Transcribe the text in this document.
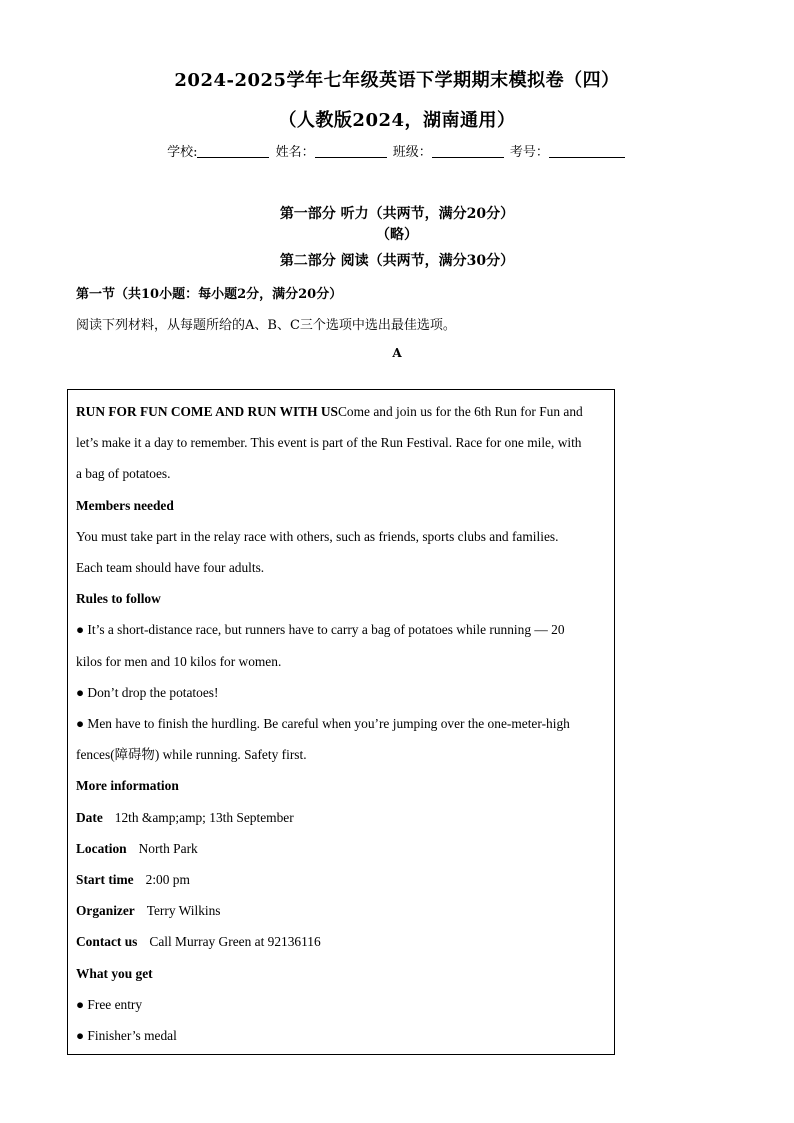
2024-2025学年七年级英语下学期期末模拟卷（四）
（人教版2024，湖南通用）
学校:	姓名：	班级：	考号：
第一部分 听力（共两节，满分20分）
（略）
第二部分 阅读（共两节，满分30分）
第一节（共10小题：每小题2分，满分20分）
阅读下列材料，从每题所给的A、B、C三个选项中选出最佳选项。
A
RUN FOR FUN COME AND RUN WITH USCome and join us for the 6th Run for Fun and
let’s make it a day to remember. This event is part of the Run Festival. Race for one mile, with
a bag of potatoes.
Members needed
You must take part in the relay race with others, such as friends, sports clubs and families.
Each team should have four adults.
Rules to follow
● It’s a short-distance race, but runners have to carry a bag of potatoes while running — 20
kilos for men and 10 kilos for women.
● Don’t drop the potatoes!
● Men have to finish the hurdling. Be careful when you’re jumping over the one-meter-high
fences(障碍物) while running. Safety first.
More information
Date 12th &amp;amp; 13th September
Location North Park
Start time 2:00 pm
Organizer Terry Wilkins
Contact us Call Murray Green at 92136116
What you get
● Free entry
● Finisher’s medal
